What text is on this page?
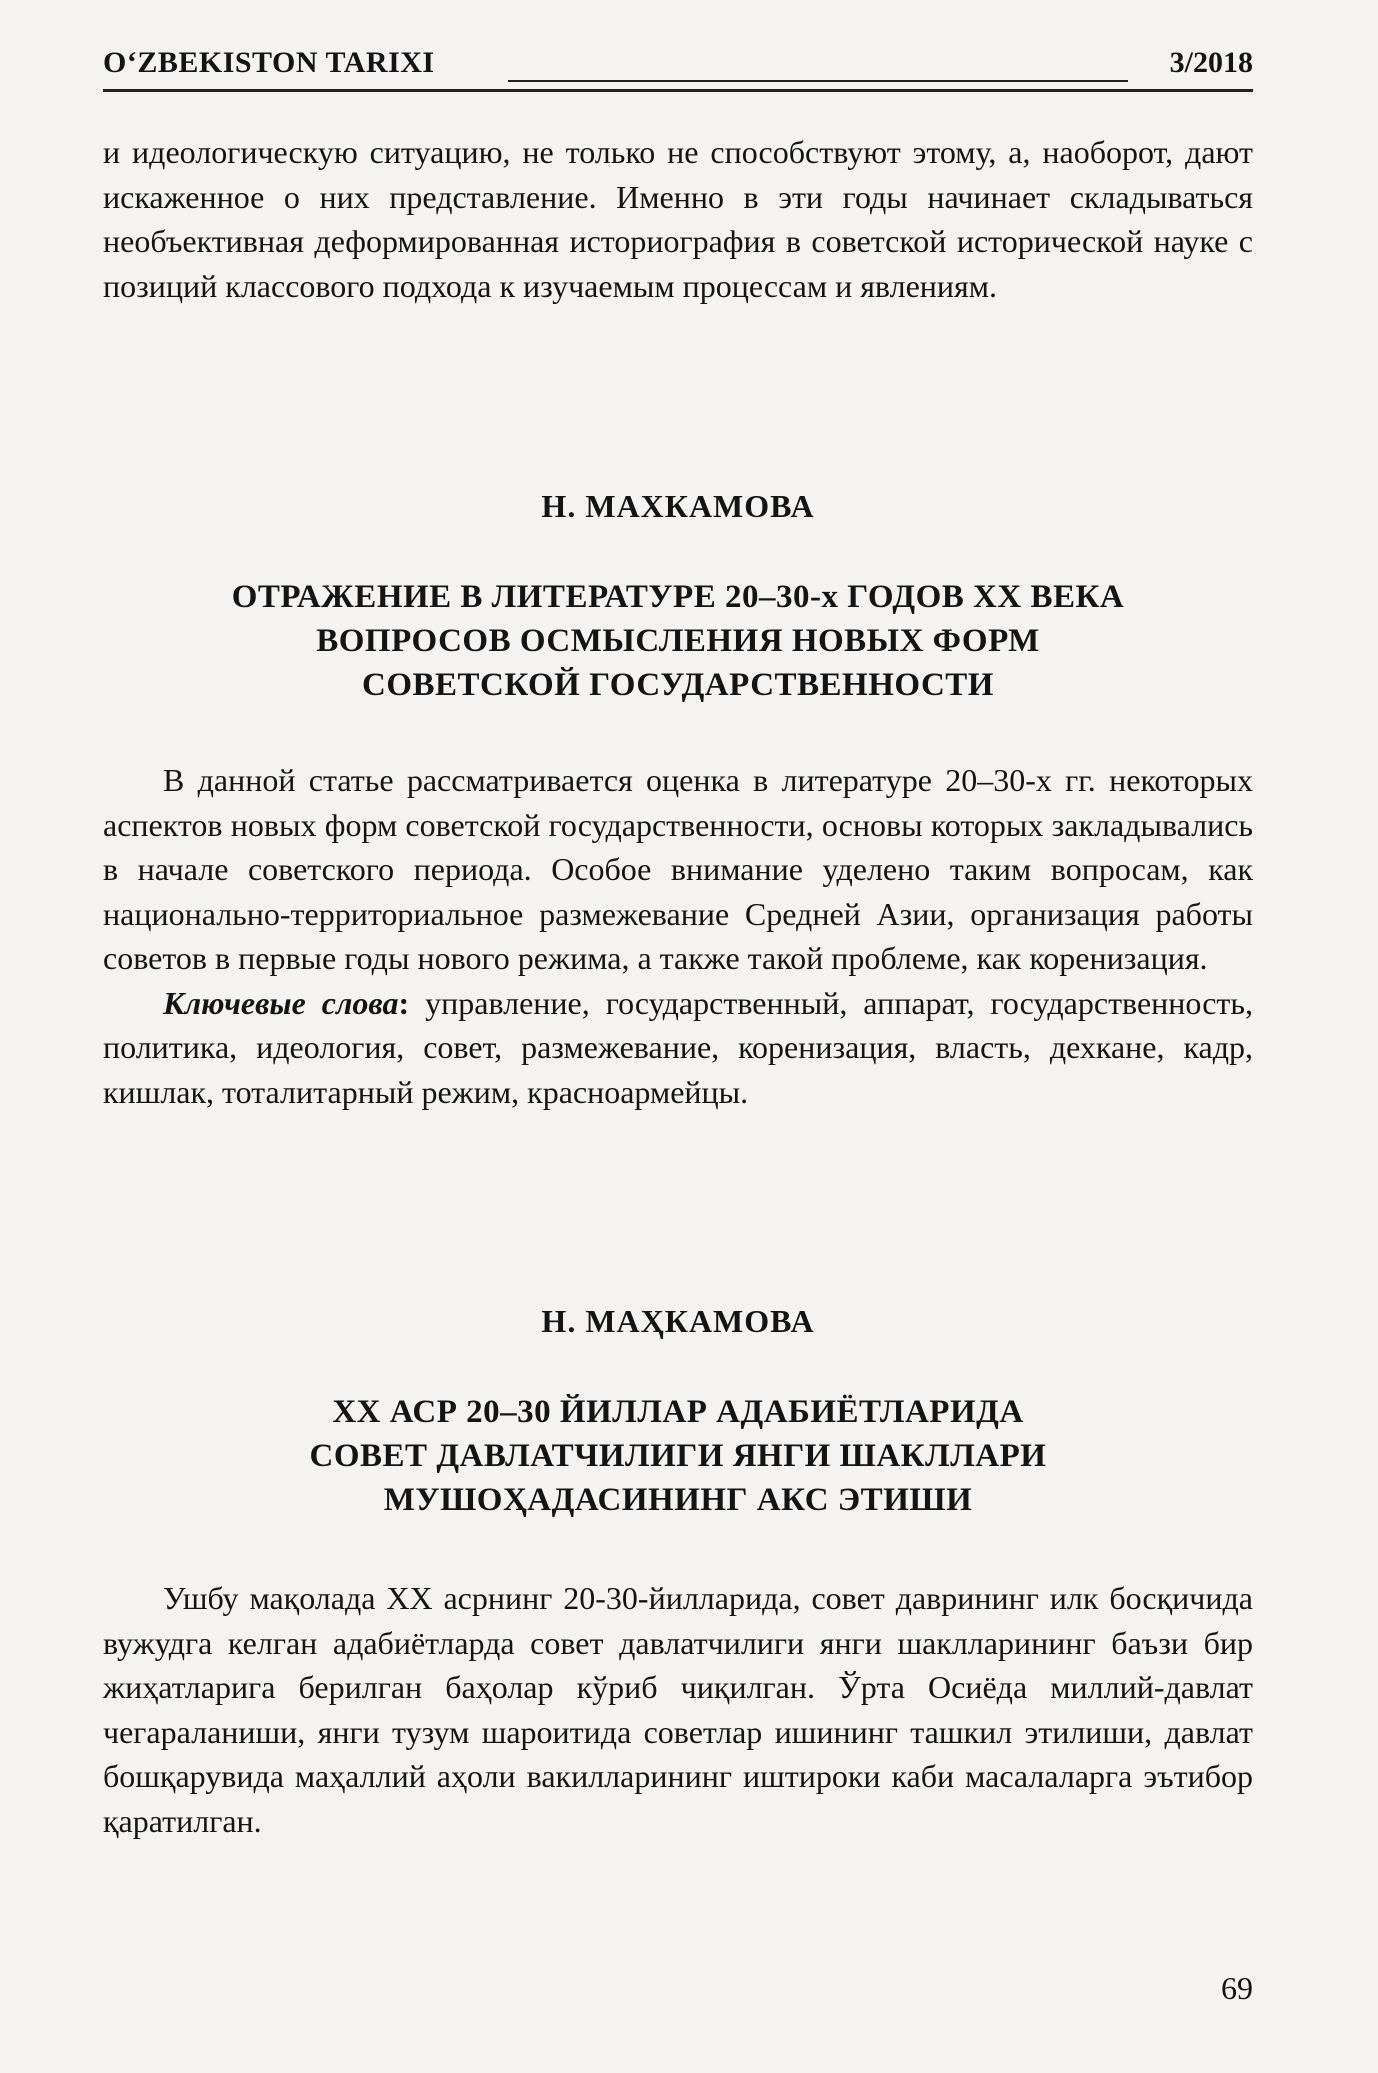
O‘ZBEKISTON TARIXI	3/2018

и идеологическую ситуацию, не только не способствуют этому, а, наоборот, дают искаженное о них представление. Именно в эти годы начинает складываться необъективная деформированная историография в советской исторической науке с позиций классового подхода к изучаемым процессам и явлениям.

Н. МАХКАМОВА
ОТРАЖЕНИЕ В ЛИТЕРАТУРЕ 20–30-х ГОДОВ XX ВЕКА
ВОПРОСОВ ОСМЫСЛЕНИЯ НОВЫХ ФОРМ
СОВЕТСКОЙ ГОСУДАРСТВЕННОСТИ

В данной статье рассматривается оценка в литературе 20–30-х гг. некоторых аспектов новых форм советской государственности, основы которых закладывались в начале советского периода. Особое внимание уделено таким вопросам, как национально-территориальное размежевание Средней Азии, организация работы советов в первые годы нового режима, а также такой проблеме, как коренизация.

Ключевые слова: управление, государственный, аппарат, государственность, политика, идеология, совет, размежевание, коренизация, власть, дехкане, кадр, кишлак, тоталитарный режим, красноармейцы.

Н. МАҲКАМОВА
XX АСР 20–30 ЙИЛЛАР АДАБИЁТЛАРИДА
СОВЕТ ДАВЛАТЧИЛИГИ ЯНГИ ШАКЛЛАРИ
МУШОҲАДАСИНИНГ АКС ЭТИШИ

Ушбу мақолада XX асрнинг 20-30-йилларида, совет даврининг илк босқичида вужудга келган адабиётларда совет давлатчилиги янги шаклларининг баъзи бир жиҳатларига берилган баҳолар кўриб чиқилган. Ўрта Осиёда миллий-давлат чегараланиши, янги тузум шароитида советлар ишининг ташкил этилиши, давлат бошқарувида маҳаллий аҳоли вакилларининг иштироки каби масалаларга эътибор қаратилган.

69
